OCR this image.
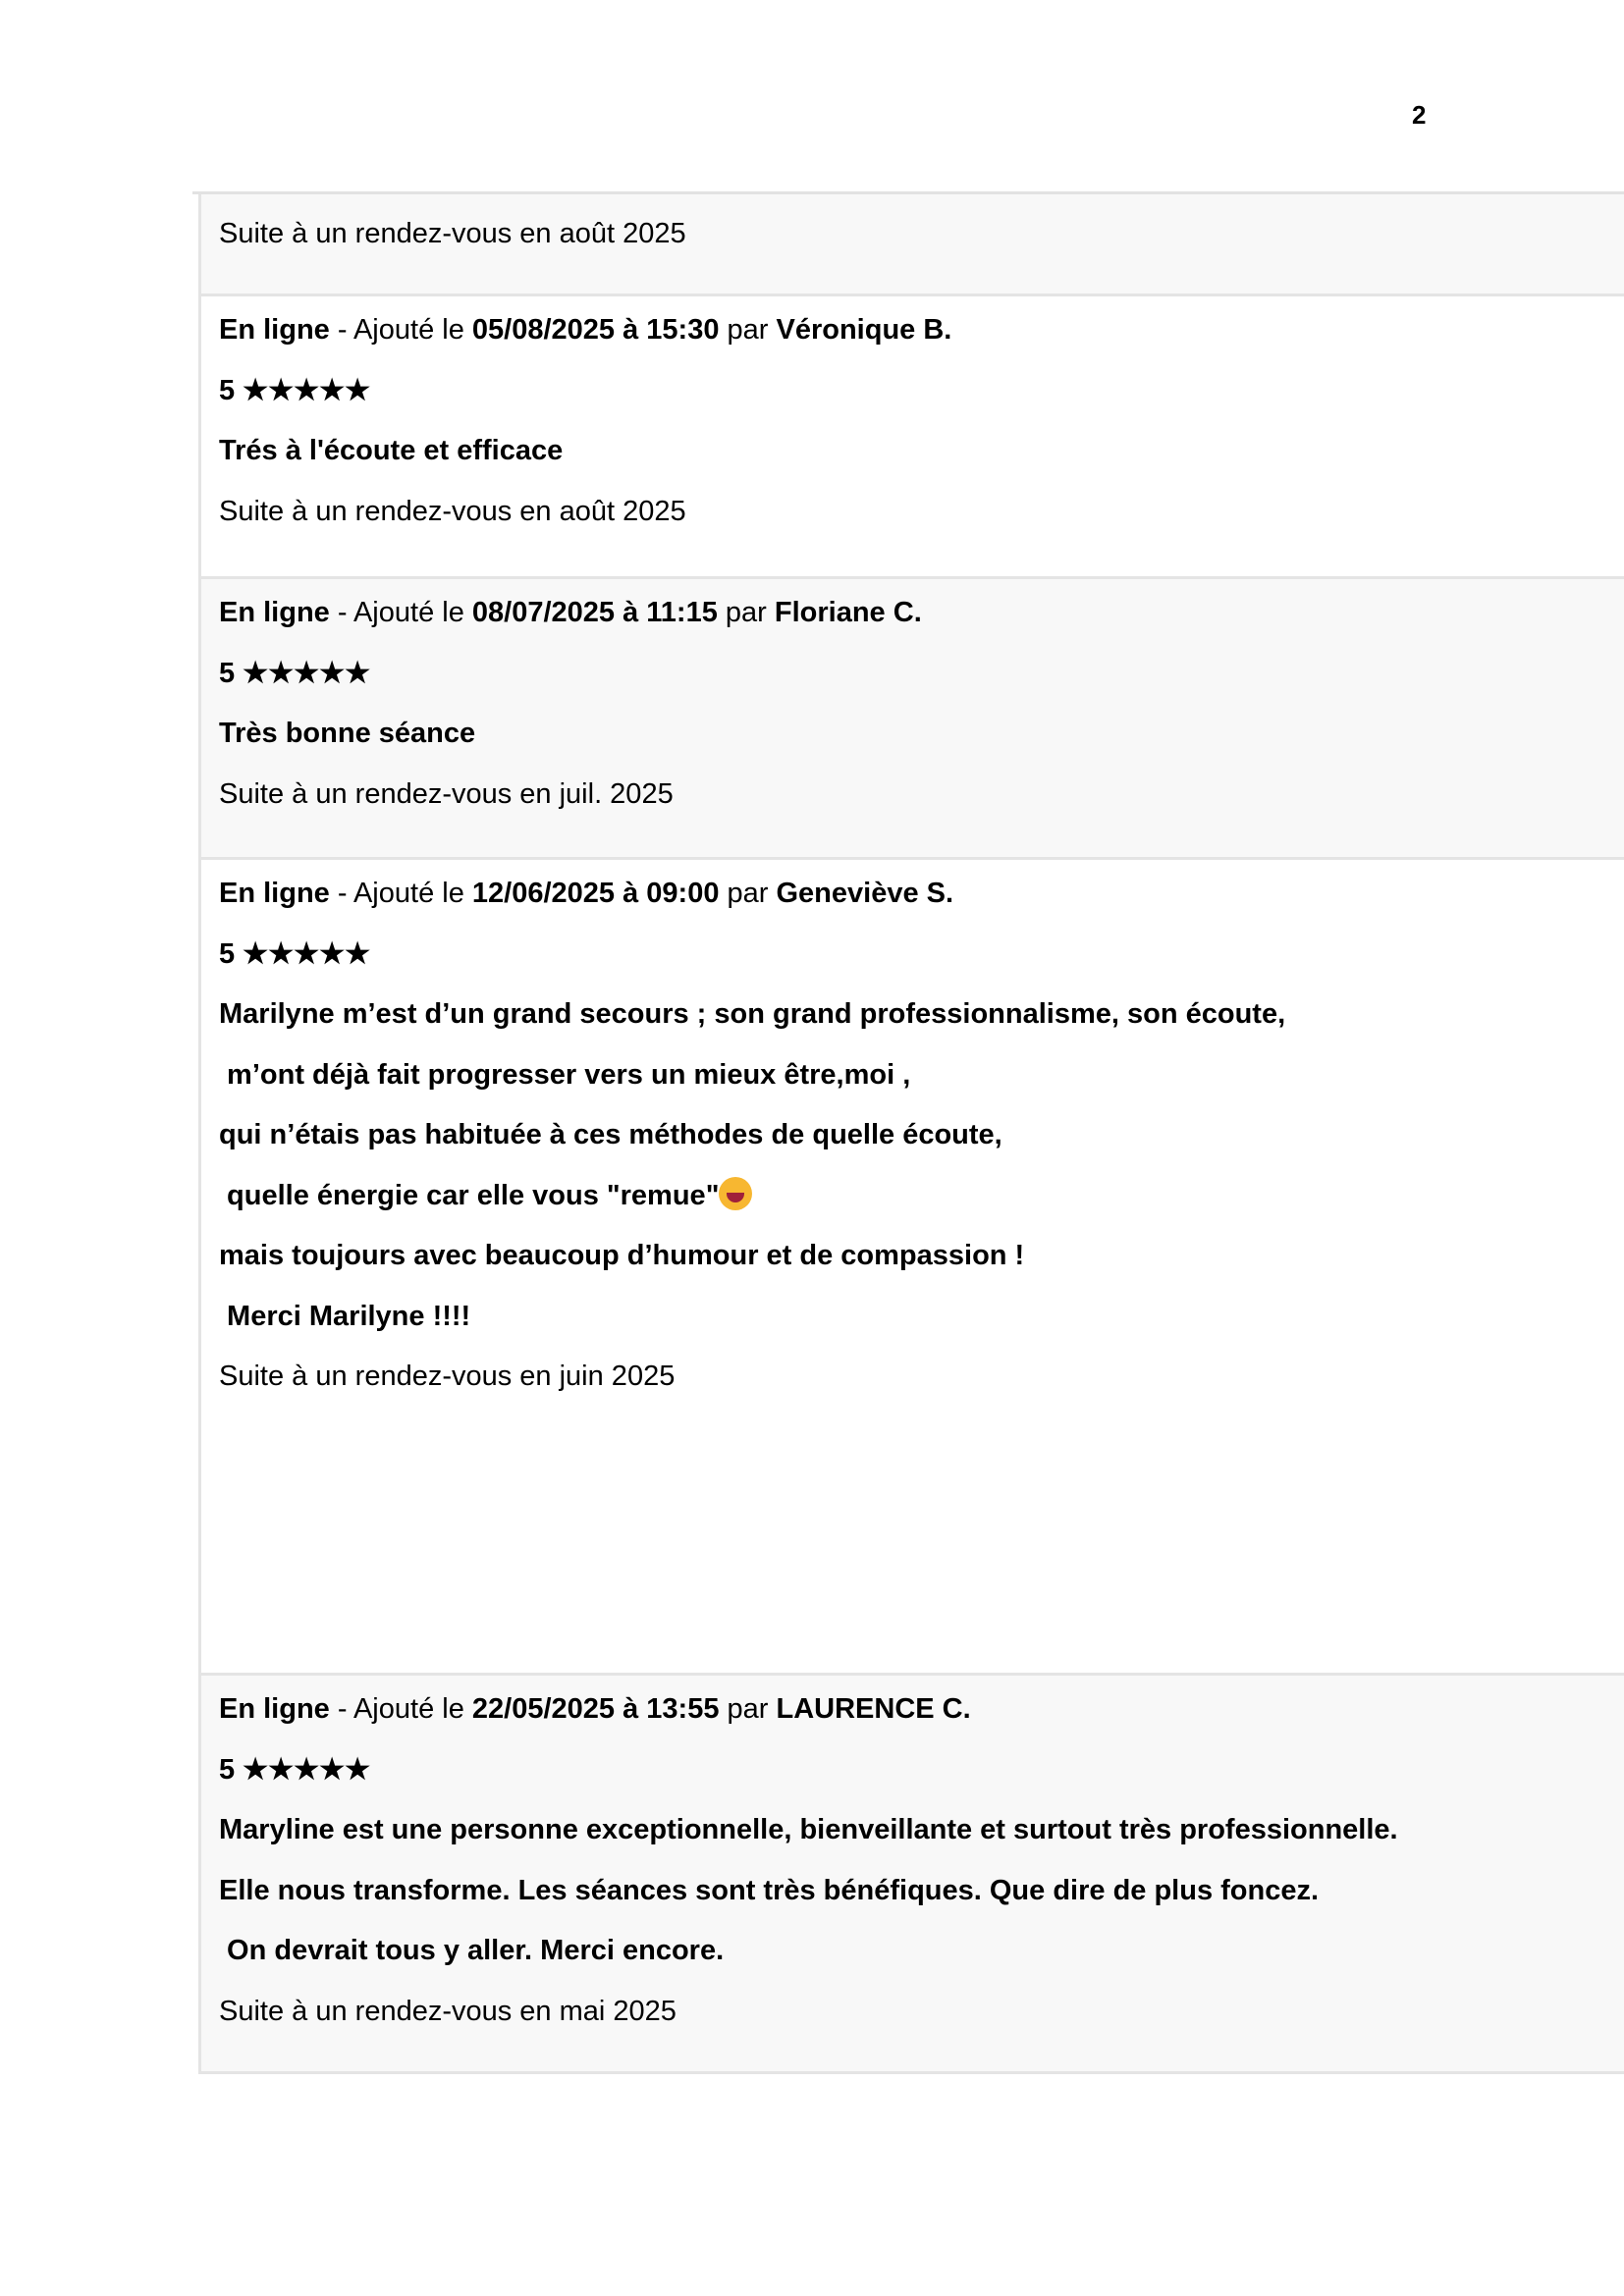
2
Suite à un rendez-vous en août 2025
En ligne - Ajouté le 05/08/2025 à 15:30 par Véronique B.
5 ★★★★★
Trés à l'écoute et efficace
Suite à un rendez-vous en août 2025
En ligne - Ajouté le 08/07/2025 à 11:15 par Floriane C.
5 ★★★★★
Très bonne séance
Suite à un rendez-vous en juil. 2025
En ligne - Ajouté le 12/06/2025 à 09:00 par Geneviève S.
5 ★★★★★
Marilyne m’est d’un grand secours ; son grand professionnalisme, son écoute,
m’ont déjà fait progresser vers un mieux être,moi ,
qui n’étais pas habituée à ces méthodes de quelle écoute,
quelle énergie car elle vous "remue"
mais toujours avec beaucoup d’humour et de compassion !
Merci Marilyne !!!!
Suite à un rendez-vous en juin 2025
En ligne - Ajouté le 22/05/2025 à 13:55 par LAURENCE C.
5 ★★★★★
Maryline est une personne exceptionnelle, bienveillante et surtout très professionnelle.
Elle nous transforme. Les séances sont très bénéfiques. Que dire de plus foncez.
On devrait tous y aller. Merci encore.
Suite à un rendez-vous en mai 2025
